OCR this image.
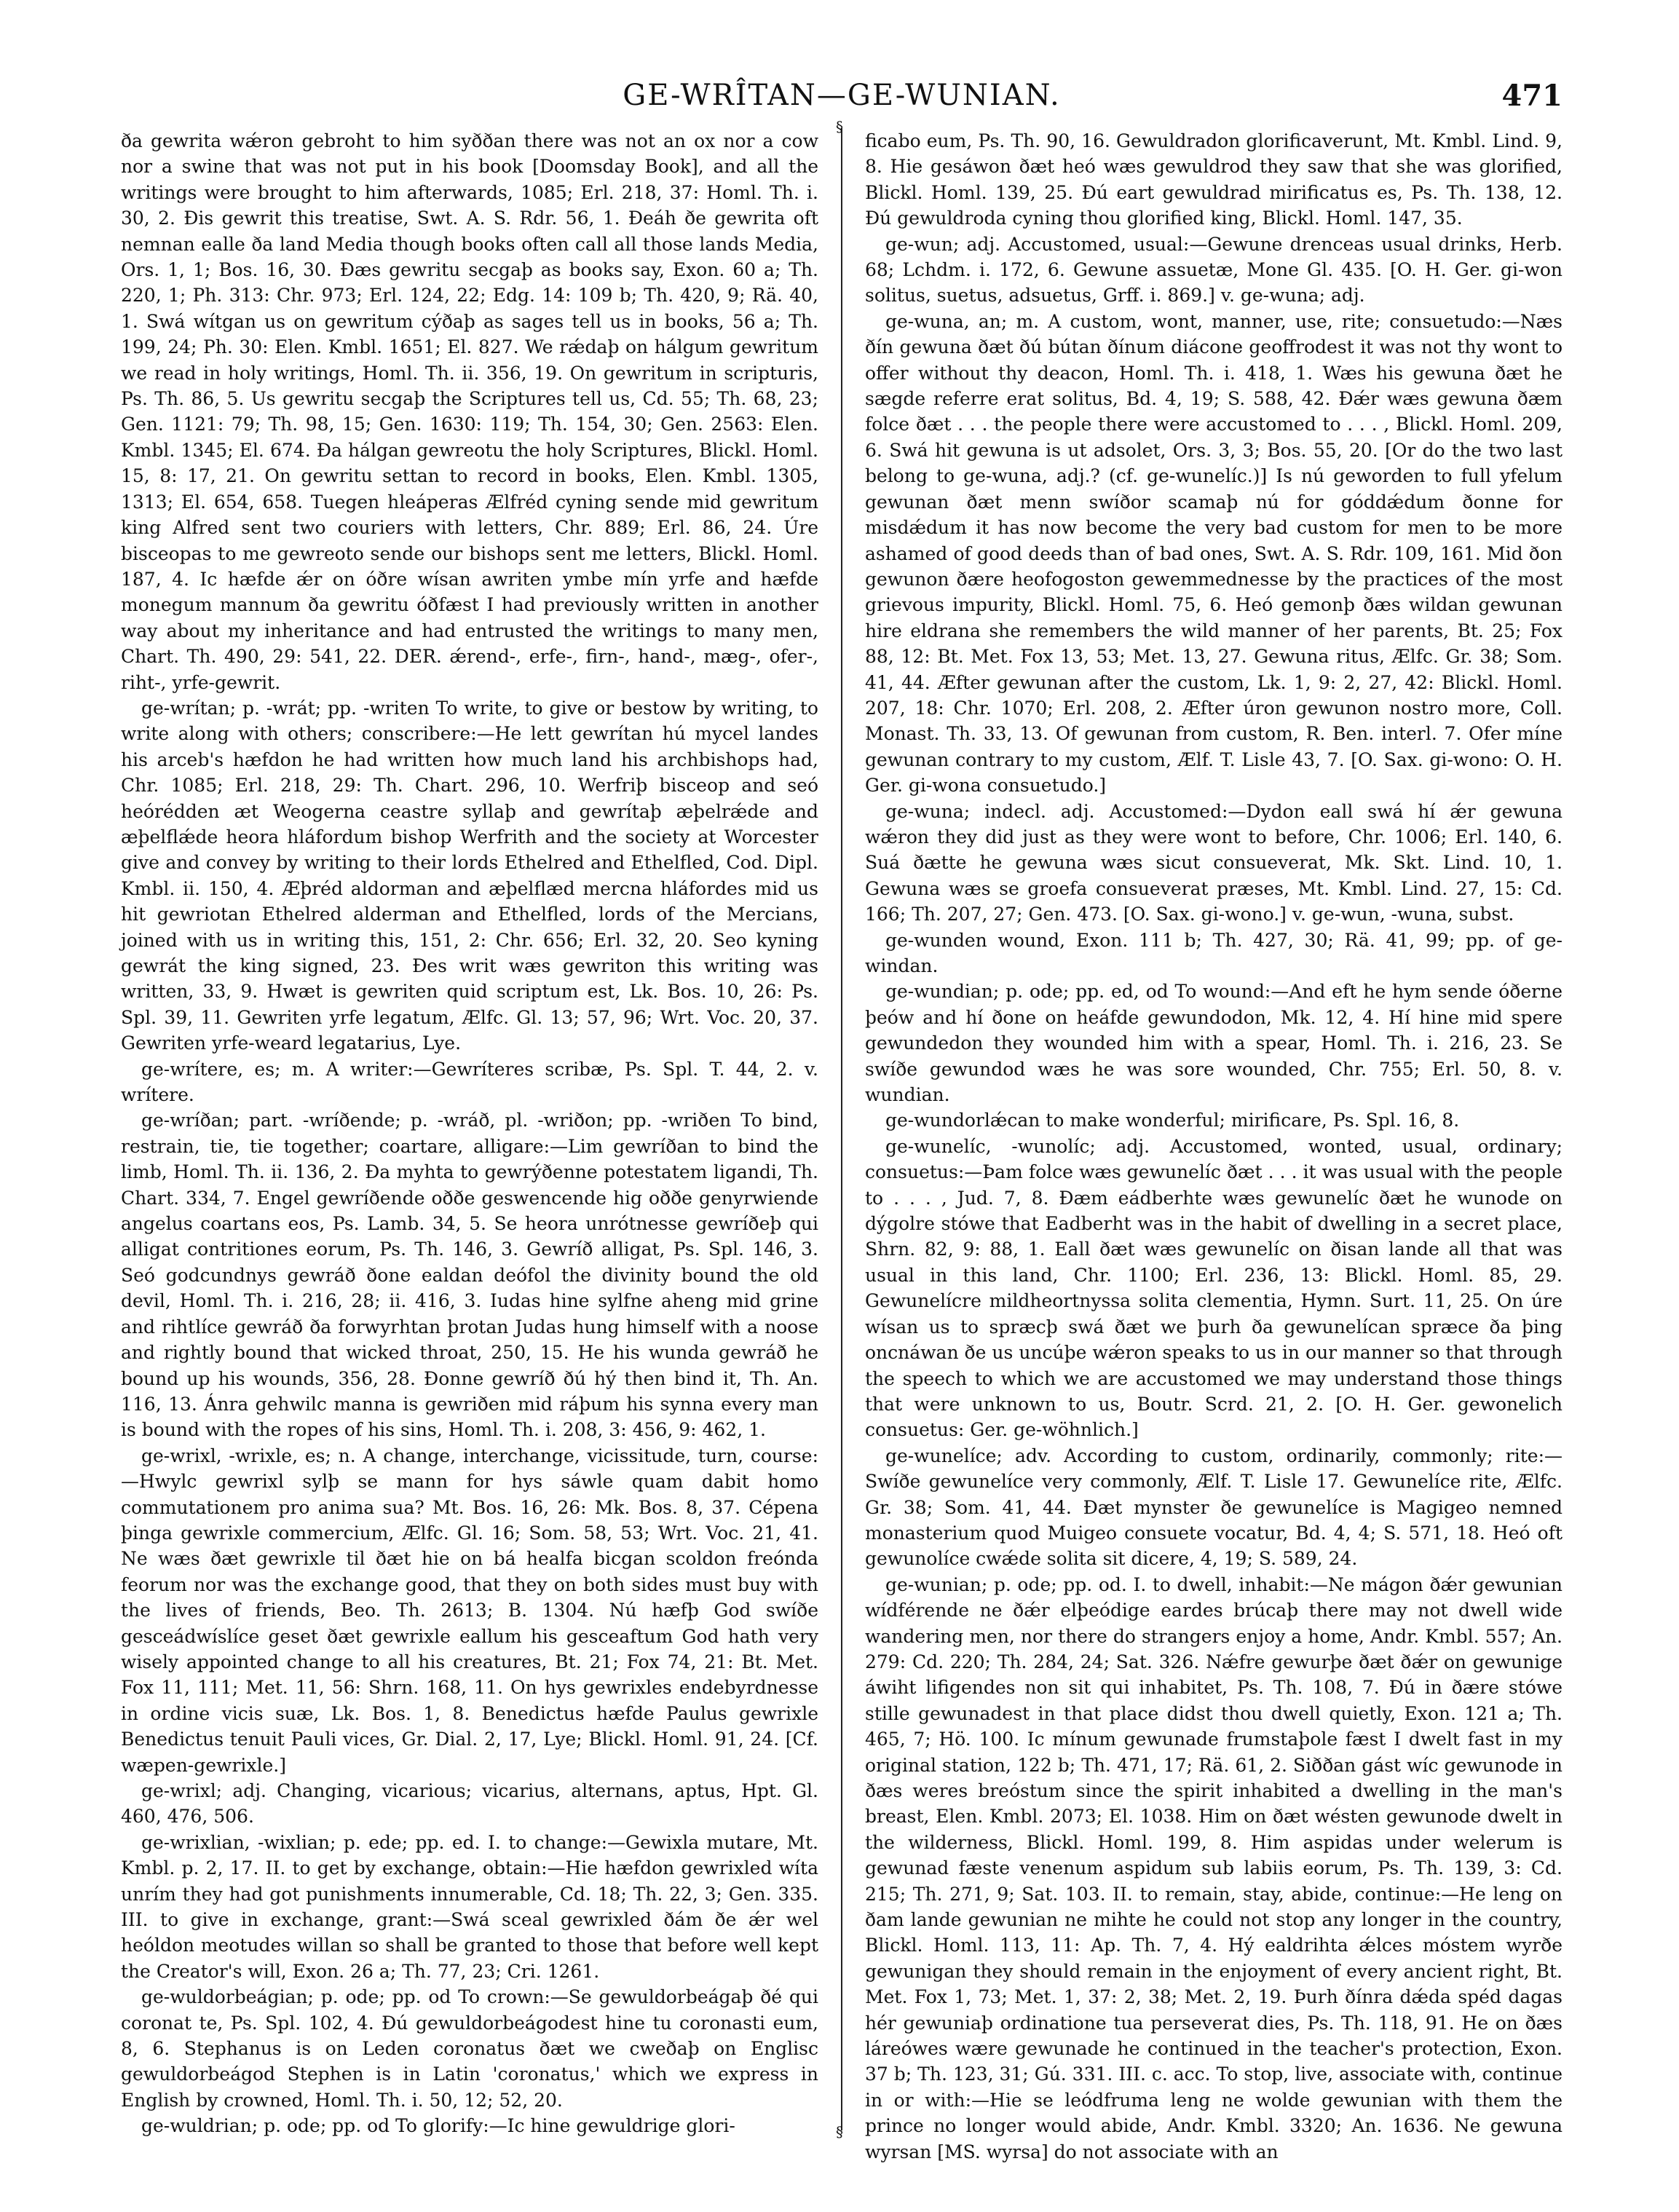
GE-WRÎTAN—GE-WUNIAN.	471

ða gewrita wǽron gebroht to him syððan there was not an ox nor a cow nor a swine that was not put in his book [Doomsday Book], and all the writings were brought to him afterwards, 1085; Erl. 218, 37: Homl. Th. i. 30, 2. Ðis gewrit this treatise, Swt. A. S. Rdr. 56, 1. Ðeáh ðe gewrita oft nemnan ealle ða land Media though books often call all those lands Media, Ors. 1, 1; Bos. 16, 30. Ðæs gewritu secgaþ as books say, Exon. 60 a; Th. 220, 1; Ph. 313: Chr. 973; Erl. 124, 22; Edg. 14: 109 b; Th. 420, 9; Rä. 40, 1. Swá wítgan us on gewritum cýðaþ as sages tell us in books, 56 a; Th. 199, 24; Ph. 30: Elen. Kmbl. 1651; El. 827. We rǽdaþ on hálgum gewritum we read in holy writings, Homl. Th. ii. 356, 19. On gewritum in scripturis, Ps. Th. 86, 5. Us gewritu secgaþ the Scriptures tell us, Cd. 55; Th. 68, 23; Gen. 1121: 79; Th. 98, 15; Gen. 1630: 119; Th. 154, 30; Gen. 2563: Elen. Kmbl. 1345; El. 674. Ða hálgan gewreotu the holy Scriptures, Blickl. Homl. 15, 8: 17, 21. On gewritu settan to record in books, Elen. Kmbl. 1305, 1313; El. 654, 658. Tuegen hleáperas Ælfréd cyning sende mid gewritum king Alfred sent two couriers with letters, Chr. 889; Erl. 86, 24. Úre bisceopas to me gewreoto sende our bishops sent me letters, Blickl. Homl. 187, 4. Ic hæfde ǽr on óðre wísan awriten ymbe mín yrfe and hæfde monegum mannum ða gewritu óðfæst I had previously written in another way about my inheritance and had entrusted the writings to many men, Chart. Th. 490, 29: 541, 22. DER. ǽrend-, erfe-, firn-, hand-, mæg-, ofer-, riht-, yrfe-gewrit.

ge-wrítan; p. -wrát; pp. -writen To write, to give or bestow by writing, to write along with others; conscribere:—He lett gewrítan hú mycel landes his arceb's hæfdon he had written how much land his archbishops had, Chr. 1085; Erl. 218, 29: Th. Chart. 296, 10. Werfriþ bisceop and seó heórédden æt Weogerna ceastre syllaþ and gewrítaþ æþelrǽde and æþelflǽde heora hláfordum bishop Werfrith and the society at Worcester give and convey by writing to their lords Ethelred and Ethelfled, Cod. Dipl. Kmbl. ii. 150, 4. Æþréd aldorman and æþelflæd mercna hláfordes mid us hit gewriotan Ethelred alderman and Ethelfled, lords of the Mercians, joined with us in writing this, 151, 2: Chr. 656; Erl. 32, 20. Seo kyning gewrát the king signed, 23. Ðes writ wæs gewriton this writing was written, 33, 9. Hwæt is gewriten quid scriptum est, Lk. Bos. 10, 26: Ps. Spl. 39, 11. Gewriten yrfe legatum, Ælfc. Gl. 13; 57, 96; Wrt. Voc. 20, 37. Gewriten yrfe-weard legatarius, Lye.

ge-wrítere, es; m. A writer:—Gewríteres scribæ, Ps. Spl. T. 44, 2. v. wrítere.

ge-wríðan; part. -wríðende; p. -wráð, pl. -wriðon; pp. -wriðen To bind, restrain, tie, tie together; coartare, alligare:—Lim gewríðan to bind the limb, Homl. Th. ii. 136, 2. Ða myhta to gewrýðenne potestatem ligandi, Th. Chart. 334, 7. Engel gewríðende oððe geswencende hig oððe genyrwiende angelus coartans eos, Ps. Lamb. 34, 5. Se heora unrótnesse gewríðeþ qui alligat contritiones eorum, Ps. Th. 146, 3. Gewríð alligat, Ps. Spl. 146, 3. Seó godcundnys gewráð ðone ealdan deófol the divinity bound the old devil, Homl. Th. i. 216, 28; ii. 416, 3. Iudas hine sylfne aheng mid grine and rihtlíce gewráð ða forwyrhtan þrotan Judas hung himself with a noose and rightly bound that wicked throat, 250, 15. He his wunda gewráð he bound up his wounds, 356, 28. Ðonne gewríð ðú hý then bind it, Th. An. 116, 13. Ánra gehwilc manna is gewriðen mid ráþum his synna every man is bound with the ropes of his sins, Homl. Th. i. 208, 3: 456, 9: 462, 1.

ge-wrixl, -wrixle, es; n. A change, interchange, vicissitude, turn, course:—Hwylc gewrixl sylþ se mann for hys sáwle quam dabit homo commutationem pro anima sua? Mt. Bos. 16, 26: Mk. Bos. 8, 37. Cépena þinga gewrixle commercium, Ælfc. Gl. 16; Som. 58, 53; Wrt. Voc. 21, 41. Ne wæs ðæt gewrixle til ðæt hie on bá healfa bicgan scoldon freónda feorum nor was the exchange good, that they on both sides must buy with the lives of friends, Beo. Th. 2613; B. 1304. Nú hæfþ God swíðe gesceádwíslíce geset ðæt gewrixle eallum his gesceaftum God hath very wisely appointed change to all his creatures, Bt. 21; Fox 74, 21: Bt. Met. Fox 11, 111; Met. 11, 56: Shrn. 168, 11. On hys gewrixles endebyrdnesse in ordine vicis suæ, Lk. Bos. 1, 8. Benedictus hæfde Paulus gewrixle Benedictus tenuit Pauli vices, Gr. Dial. 2, 17, Lye; Blickl. Homl. 91, 24. [Cf. wæpen-gewrixle.]

ge-wrixl; adj. Changing, vicarious; vicarius, alternans, aptus, Hpt. Gl. 460, 476, 506.

ge-wrixlian, -wixlian; p. ede; pp. ed. I. to change:—Gewixla mutare, Mt. Kmbl. p. 2, 17. II. to get by exchange, obtain:—Hie hæfdon gewrixled wíta unrím they had got punishments innumerable, Cd. 18; Th. 22, 3; Gen. 335. III. to give in exchange, grant:—Swá sceal gewrixled ðám ðe ǽr wel heóldon meotudes willan so shall be granted to those that before well kept the Creator's will, Exon. 26 a; Th. 77, 23; Cri. 1261.

ge-wuldorbeágian; p. ode; pp. od To crown:—Se gewuldorbeágaþ ðé qui coronat te, Ps. Spl. 102, 4. Ðú gewuldorbeágodest hine tu coronasti eum, 8, 6. Stephanus is on Leden coronatus ðæt we cweðaþ on Englisc gewuldorbeágod Stephen is in Latin 'coronatus,' which we express in English by crowned, Homl. Th. i. 50, 12; 52, 20.

ge-wuldrian; p. ode; pp. od To glorify:—Ic hine gewuldrige glori-

§
§

ficabo eum, Ps. Th. 90, 16. Gewuldradon glorificaverunt, Mt. Kmbl. Lind. 9, 8. Hie gesáwon ðæt heó wæs gewuldrod they saw that she was glorified, Blickl. Homl. 139, 25. Ðú eart gewuldrad mirificatus es, Ps. Th. 138, 12. Ðú gewuldroda cyning thou glorified king, Blickl. Homl. 147, 35.

ge-wun; adj. Accustomed, usual:—Gewune drenceas usual drinks, Herb. 68; Lchdm. i. 172, 6. Gewune assuetæ, Mone Gl. 435. [O. H. Ger. gi-won solitus, suetus, adsuetus, Grff. i. 869.] v. ge-wuna; adj.

ge-wuna, an; m. A custom, wont, manner, use, rite; consuetudo:—Næs ðín gewuna ðæt ðú bútan ðínum diácone geoffrodest it was not thy wont to offer without thy deacon, Homl. Th. i. 418, 1. Wæs his gewuna ðæt he sægde referre erat solitus, Bd. 4, 19; S. 588, 42. Ðǽr wæs gewuna ðæm folce ðæt . . . the people there were accustomed to . . . , Blickl. Homl. 209, 6. Swá hit gewuna is ut adsolet, Ors. 3, 3; Bos. 55, 20. [Or do the two last belong to ge-wuna, adj.? (cf. ge-wunelíc.)] Is nú geworden to full yfelum gewunan ðæt menn swíðor scamaþ nú for góddǽdum ðonne for misdǽdum it has now become the very bad custom for men to be more ashamed of good deeds than of bad ones, Swt. A. S. Rdr. 109, 161. Mid ðon gewunon ðære heofogoston gewemmednesse by the practices of the most grievous impurity, Blickl. Homl. 75, 6. Heó gemonþ ðæs wildan gewunan hire eldrana she remembers the wild manner of her parents, Bt. 25; Fox 88, 12: Bt. Met. Fox 13, 53; Met. 13, 27. Gewuna ritus, Ælfc. Gr. 38; Som. 41, 44. Æfter gewunan after the custom, Lk. 1, 9: 2, 27, 42: Blickl. Homl. 207, 18: Chr. 1070; Erl. 208, 2. Æfter úron gewunon nostro more, Coll. Monast. Th. 33, 13. Of gewunan from custom, R. Ben. interl. 7. Ofer míne gewunan contrary to my custom, Ælf. T. Lisle 43, 7. [O. Sax. gi-wono: O. H. Ger. gi-wona consuetudo.]

ge-wuna; indecl. adj. Accustomed:—Dydon eall swá hí ǽr gewuna wǽron they did just as they were wont to before, Chr. 1006; Erl. 140, 6. Suá ðætte he gewuna wæs sicut consueverat, Mk. Skt. Lind. 10, 1. Gewuna wæs se groefa consueverat præses, Mt. Kmbl. Lind. 27, 15: Cd. 166; Th. 207, 27; Gen. 473. [O. Sax. gi-wono.] v. ge-wun, -wuna, subst.

ge-wunden wound, Exon. 111 b; Th. 427, 30; Rä. 41, 99; pp. of ge-windan.

ge-wundian; p. ode; pp. ed, od To wound:—And eft he hym sende óðerne þeów and hí ðone on heáfde gewundodon, Mk. 12, 4. Hí hine mid spere gewundedon they wounded him with a spear, Homl. Th. i. 216, 23. Se swíðe gewundod wæs he was sore wounded, Chr. 755; Erl. 50, 8. v. wundian.

ge-wundorlǽcan to make wonderful; mirificare, Ps. Spl. 16, 8.

ge-wunelíc, -wunolíc; adj. Accustomed, wonted, usual, ordinary; consuetus:—Þam folce wæs gewunelíc ðæt . . . it was usual with the people to . . . , Jud. 7, 8. Ðæm eádberhte wæs gewunelíc ðæt he wunode on dýgolre stówe that Eadberht was in the habit of dwelling in a secret place, Shrn. 82, 9: 88, 1. Eall ðæt wæs gewunelíc on ðisan lande all that was usual in this land, Chr. 1100; Erl. 236, 13: Blickl. Homl. 85, 29. Gewunelícre mildheortnyssa solita clementia, Hymn. Surt. 11, 25. On úre wísan us to spræcþ swá ðæt we þurh ða gewunelícan spræce ða þing oncnáwan ðe us uncúþe wǽron speaks to us in our manner so that through the speech to which we are accustomed we may understand those things that were unknown to us, Boutr. Scrd. 21, 2. [O. H. Ger. gewonelich consuetus: Ger. ge-wöhnlich.]

ge-wunelíce; adv. According to custom, ordinarily, commonly; rite:—Swíðe gewunelíce very commonly, Ælf. T. Lisle 17. Gewunelíce rite, Ælfc. Gr. 38; Som. 41, 44. Ðæt mynster ðe gewunelíce is Magigeo nemned monasterium quod Muigeo consuete vocatur, Bd. 4, 4; S. 571, 18. Heó oft gewunolíce cwǽde solita sit dicere, 4, 19; S. 589, 24.

ge-wunian; p. ode; pp. od. I. to dwell, inhabit:—Ne mágon ðǽr gewunian wídférende ne ðǽr elþeódige eardes brúcaþ there may not dwell wide wandering men, nor there do strangers enjoy a home, Andr. Kmbl. 557; An. 279: Cd. 220; Th. 284, 24; Sat. 326. Nǽfre gewurþe ðæt ðǽr on gewunige áwiht lifigendes non sit qui inhabitet, Ps. Th. 108, 7. Ðú in ðære stówe stille gewunadest in that place didst thou dwell quietly, Exon. 121 a; Th. 465, 7; Hö. 100. Ic mínum gewunade frumstaþole fæst I dwelt fast in my original station, 122 b; Th. 471, 17; Rä. 61, 2. Siððan gást wíc gewunode in ðæs weres breóstum since the spirit inhabited a dwelling in the man's breast, Elen. Kmbl. 2073; El. 1038. Him on ðæt wésten gewunode dwelt in the wilderness, Blickl. Homl. 199, 8. Him aspidas under welerum is gewunad fæste venenum aspidum sub labiis eorum, Ps. Th. 139, 3: Cd. 215; Th. 271, 9; Sat. 103. II. to remain, stay, abide, continue:—He leng on ðam lande gewunian ne mihte he could not stop any longer in the country, Blickl. Homl. 113, 11: Ap. Th. 7, 4. Hý ealdrihta ǽlces móstem wyrðe gewunigan they should remain in the enjoyment of every ancient right, Bt. Met. Fox 1, 73; Met. 1, 37: 2, 38; Met. 2, 19. Þurh ðínra dǽda spéd dagas hér gewuniaþ ordinatione tua perseverat dies, Ps. Th. 118, 91. He on ðæs láreówes wære gewunade he continued in the teacher's protection, Exon. 37 b; Th. 123, 31; Gú. 331. III. c. acc. To stop, live, associate with, continue in or with:—Hie se leódfruma leng ne wolde gewunian with them the prince no longer would abide, Andr. Kmbl. 3320; An. 1636. Ne gewuna wyrsan [MS. wyrsa] do not associate with an
